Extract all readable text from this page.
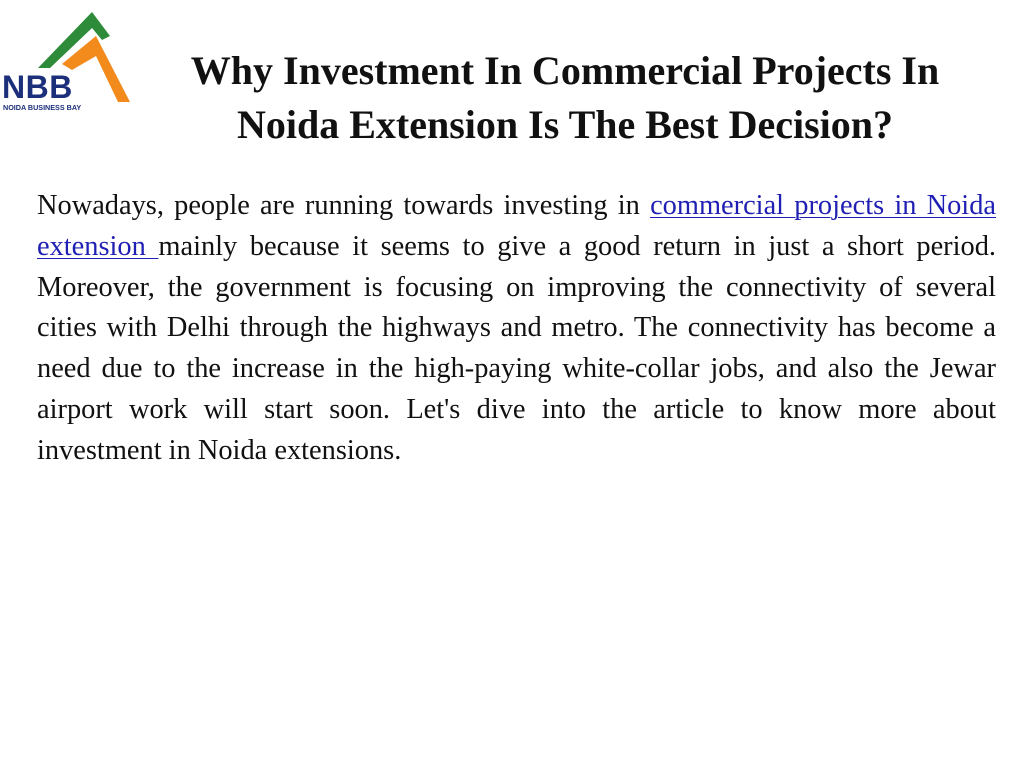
NBB
NOIDA BUSINESS BAY
Why Investment In Commercial Projects In
Noida Extension Is The Best Decision?

Nowadays, people are running towards investing in commercial projects in Noida extension mainly because it seems to give a good return in just a short period. Moreover, the government is focusing on improving the connectivity of several cities with Delhi through the highways and metro. The connectivity has become a need due to the increase in the high-paying white-collar jobs, and also the Jewar airport work will start soon. Let's dive into the article to know more about investment in Noida extensions.
